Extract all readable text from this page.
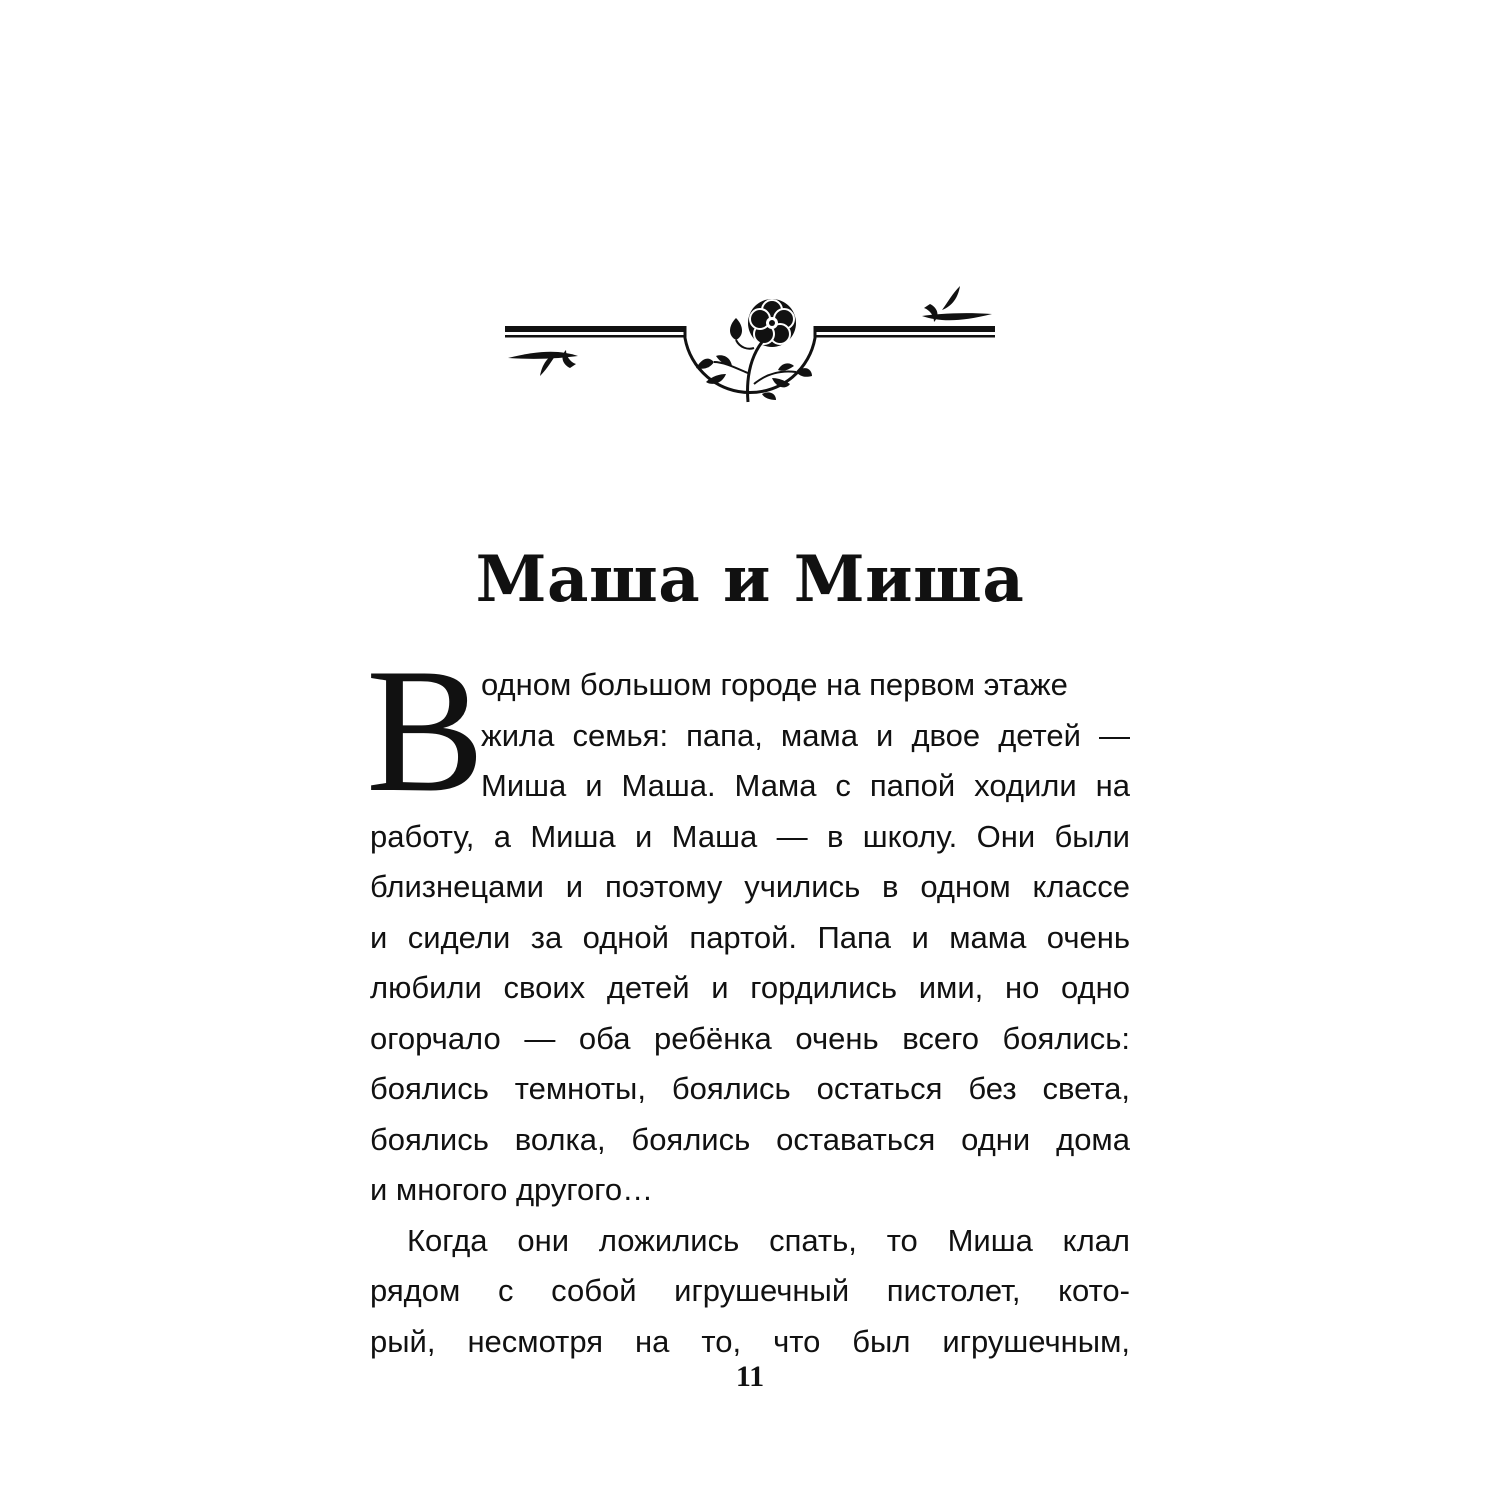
Маша и Миша
В
одном большом городе на первом этаже
жила семья: папа, мама и двое детей —
Миша и Маша. Мама с папой ходили на
работу, а Миша и Маша — в школу. Они были
близнецами и поэтому учились в одном классе
и сидели за одной партой. Папа и мама очень
любили своих детей и гордились ими, но одно
огорчало — оба ребёнка очень всего боялись:
боялись темноты, боялись остаться без света,
боялись волка, боялись оставаться одни дома
и многого другого…
Когда они ложились спать, то Миша клал
рядом с собой игрушечный пистолет, кото-
рый, несмотря на то, что был игрушечным,
11
